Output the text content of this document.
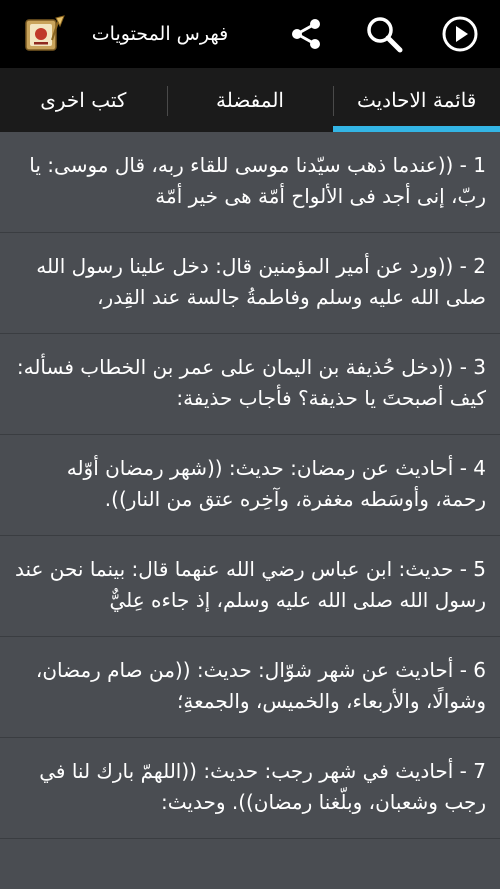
فهرس المحتويات
قائمة الاحاديث
المفضلة
كتب اخرى
1 - ((عندما ذهب سيّدنا موسى للقاء ربه، قال موسى: يا ربّ، إنى أجد فى الألواح أمّة هى خير أمّة
2 - ((ورد عن أمير المؤمنين قال: دخل علينا رسول الله صلى الله عليه وسلم وفاطمةُ جالسة عند القِدر،
3 - ((دخل حُذيفة بن اليمان على عمر بن الخطاب فسأله: كيف أصبحتَ يا حذيفة؟ فأجاب حذيفة:
4 - أحاديث عن رمضان: حديث: ((شهر رمضان أوّله رحمة، وأوسَطه مغفرة، وآخِره عتق من النار)).
5 - حديث: ابن عباس رضي الله عنهما قال: بينما نحن عند رسول الله صلى الله عليه وسلم، إذ جاءه عِليٌّ
6 - أحاديث عن شهر شوّال: حديث: ((من صام رمضان، وشوالًا، والأربعاء، والخميس، والجمعةِ؛
7 - أحاديث في شهر رجب: حديث: ((اللهمّ بارك لنا في رجب وشعبان، وبلّغنا رمضان)). وحديث:
